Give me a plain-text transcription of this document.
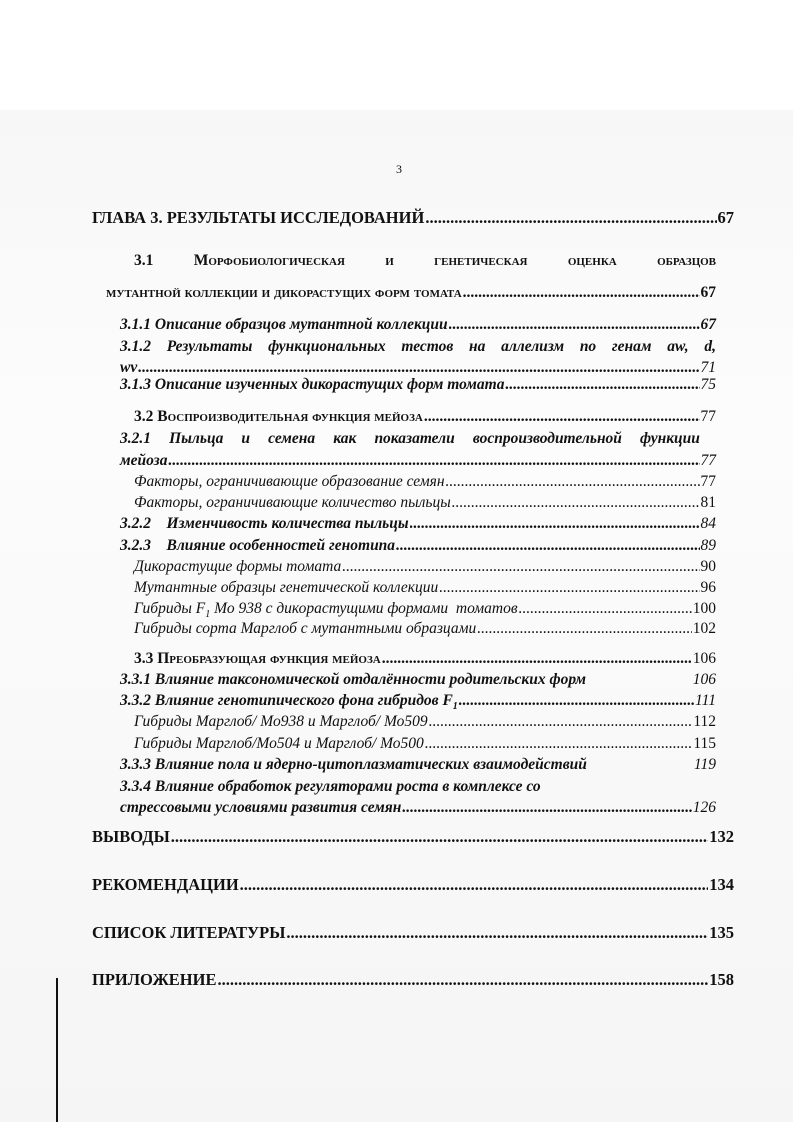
3
ГЛАВА 3. РЕЗУЛЬТАТЫ ИССЛЕДОВАНИЙ .....	67
3.1	Морфобиологическая	и	генетическая	оценка	образцов
мутантной коллекции и дикорастущих форм томата .....	67
3.1.1 Описание образцов мутантной коллекции .....	67
3.1.2 Результаты функциональных тестов на аллелизм по генам aw, d,
wv .....	71
3.1.3 Описание изученных дикорастущих форм томата .....	75
3.2 Воспроизводительная функция мейоза .....	77
3.2.1 Пыльца и семена как показатели воспроизводительной функции
мейоза .....	77
Факторы, ограничивающие образование семян .....	77
Факторы, ограничивающие количество пыльцы .....	81
3.2.2    Изменчивость количества пыльцы .....	84
3.2.3    Влияние особенностей генотипа .....	89
Дикорастущие формы томата .....	90
Мутантные образцы генетической коллекции .....	96
Гибриды $F_1$ Мо 938 с дикорастущими формами  томатов .....	100
Гибриды сорта Марглоб с мутантными образцами .....	102
3.3 Преобразующая функция мейоза .....	106
3.3.1 Влияние таксономической отдалённости родительских форм	106
3.3.2 Влияние генотипического фона гибридов $F_1$ .....	111
Гибриды Марглоб/ Мо938 и Марглоб/ Мо509 .....	112
Гибриды Марглоб/Мо504 и Марглоб/ Мо500 .....	115
3.3.3 Влияние пола и ядерно-цитоплазматических взаимодействий	119
3.3.4 Влияние обработок регуляторами роста в комплексе со
стрессовыми условиями развития семян .....	126
ВЫВОДЫ .....	132
РЕКОМЕНДАЦИИ .....	134
СПИСОК ЛИТЕРАТУРЫ .....	135
ПРИЛОЖЕНИЕ .....	158
